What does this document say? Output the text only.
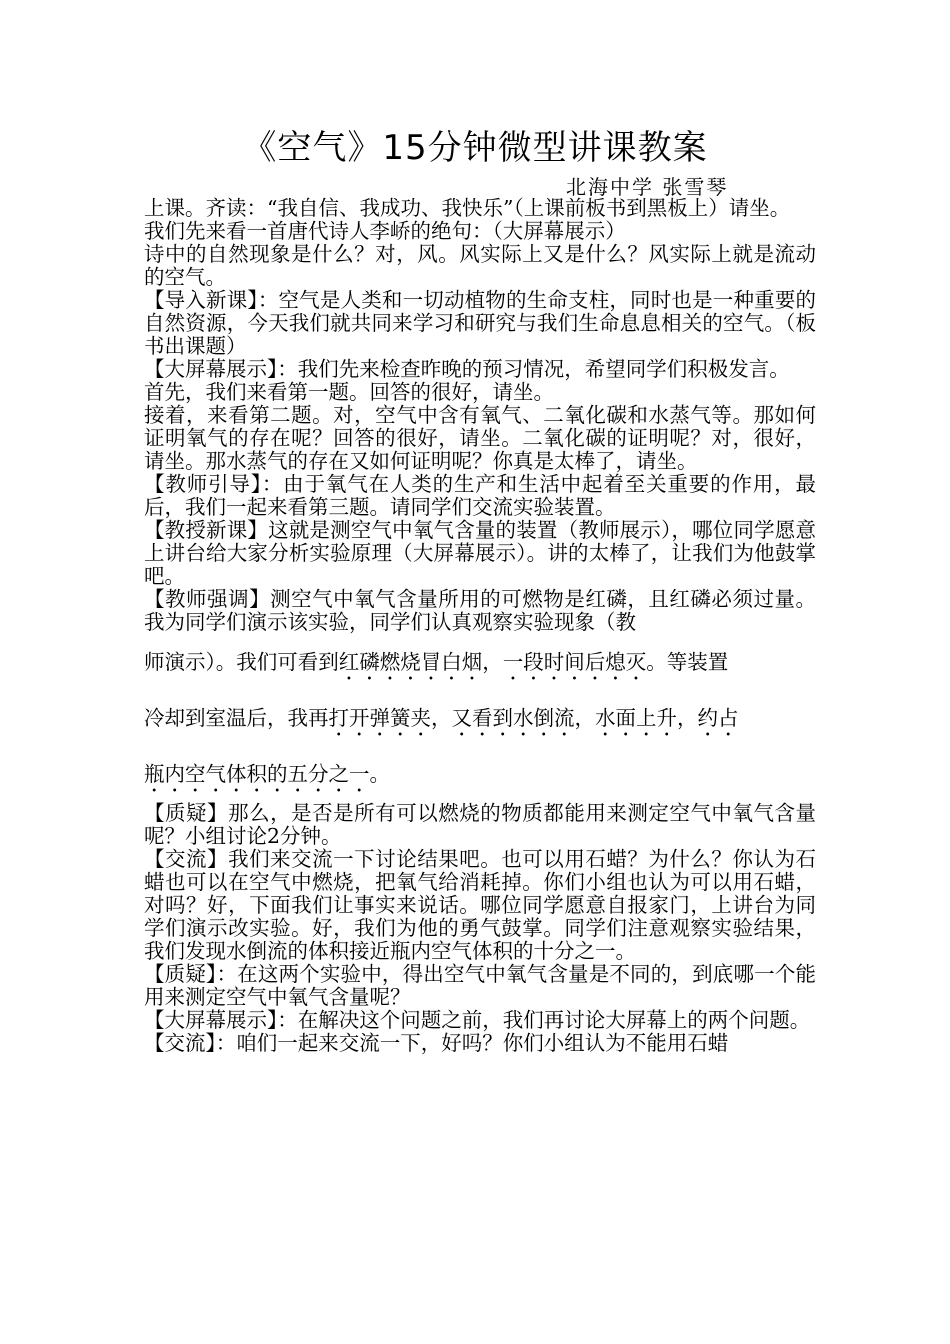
《空气》15分钟微型讲课教案
北海中学 张雪琴

上课。齐读：“我自信、我成功、我快乐”（上课前板书到黑板上）请坐。

我们先来看一首唐代诗人李峤的绝句：（大屏幕展示）

诗中的自然现象是什么？对，风。风实际上又是什么？风实际上就是流动的空气。

【导入新课】：空气是人类和一切动植物的生命支柱，同时也是一种重要的自然资源，今天我们就共同来学习和研究与我们生命息息相关的空气。（板书出课题）

【大屏幕展示】：我们先来检查昨晚的预习情况，希望同学们积极发言。

首先，我们来看第一题。回答的很好，请坐。

接着，来看第二题。对，空气中含有氧气、二氧化碳和水蒸气等。那如何证明氧气的存在呢？回答的很好，请坐。二氧化碳的证明呢？对，很好，请坐。那水蒸气的存在又如何证明呢？你真是太棒了，请坐。

【教师引导】：由于氧气在人类的生产和生活中起着至关重要的作用，最后，我们一起来看第三题。请同学们交流实验装置。

【教授新课】这就是测空气中氧气含量的装置（教师展示），哪位同学愿意上讲台给大家分析实验原理（大屏幕展示）。讲的太棒了，让我们为他鼓掌吧。

【教师强调】测空气中氧气含量所用的可燃物是红磷，且红磷必须过量。我为同学们演示该实验，同学们认真观察实验现象（教
师演示）。我们可看到红磷燃烧冒白烟，一段时间后熄灭。等装置
冷却到室温后，我再打开弹簧夹，又看到水倒流，水面上升，约占
瓶内空气体积的五分之一。

【质疑】那么，是否是所有可以燃烧的物质都能用来测定空气中氧气含量呢？小组讨论2分钟。

【交流】我们来交流一下讨论结果吧。也可以用石蜡？为什么？你认为石蜡也可以在空气中燃烧，把氧气给消耗掉。你们小组也认为可以用石蜡，对吗？好，下面我们让事实来说话。哪位同学愿意自报家门，上讲台为同学们演示改实验。好，我们为他的勇气鼓掌。同学们注意观察实验结果，我们发现水倒流的体积接近瓶内空气体积的十分之一。

【质疑】：在这两个实验中，得出空气中氧气含量是不同的，到底哪一个能用来测定空气中氧气含量呢？

【大屏幕展示】：在解决这个问题之前，我们再讨论大屏幕上的两个问题。

【交流】：咱们一起来交流一下，好吗？你们小组认为不能用石蜡
